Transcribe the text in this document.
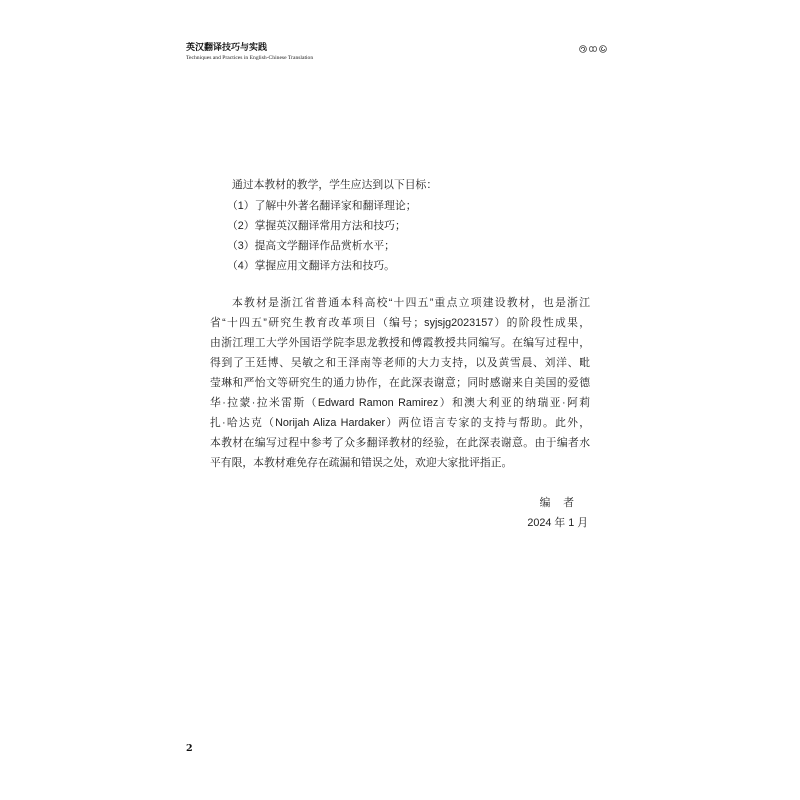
英汉翻译技巧与实践
Techniques and Practices in English-Chinese Translation
通过本教材的教学，学生应达到以下目标：
（1）了解中外著名翻译家和翻译理论；
（2）掌握英汉翻译常用方法和技巧；
（3）提高文学翻译作品赏析水平；
（4）掌握应用文翻译方法和技巧。
本教材是浙江省普通本科高校“十四五”重点立项建设教材，也是浙江
省“十四五”研究生教育改革项目（编号；syjsjg2023157）的阶段性成果，
由浙江理工大学外国语学院李思龙教授和傅霞教授共同编写。在编写过程中，
得到了王廷博、吴敏之和王泽南等老师的大力支持，以及黄雪晨、刘洋、毗
莹琳和严怡文等研究生的通力协作，在此深表谢意；同时感谢来自美国的爱德
华·拉蒙·拉米雷斯（Edward Ramon Ramirez）和澳大利亚的纳瑞亚·阿莉
扎·哈达克（Norijah Aliza Hardaker）两位语言专家的支持与帮助。此外，
本教材在编写过程中参考了众多翻译教材的经验，在此深表谢意。由于编者水
平有限，本教材难免存在疏漏和错误之处，欢迎大家批评指正。
编　者
2024 年 1 月
2
